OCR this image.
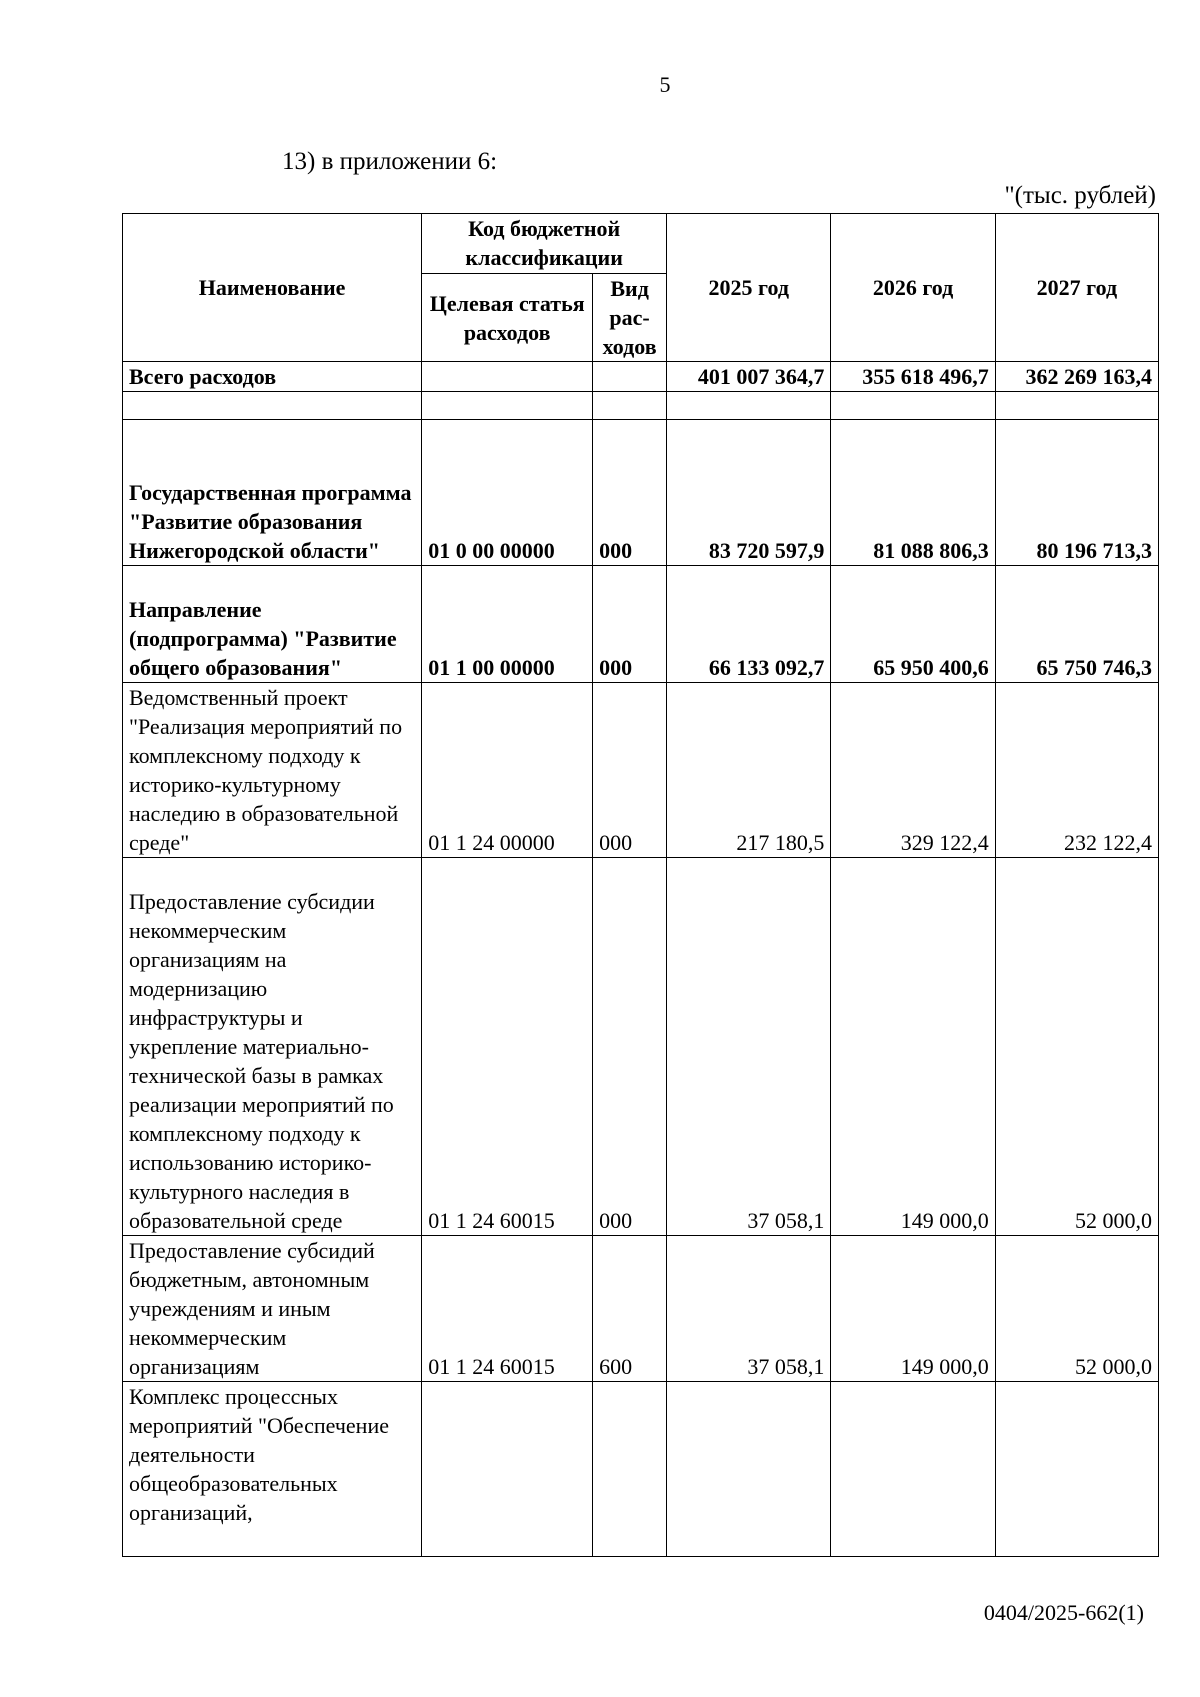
5
13) в приложении 6:
"(тыс. рублей)
Наименование	Код бюджетной классификации		2025 год	2026 год	2027 год
	Целевая статья расходов	Вид рас-ходов			
Всего расходов			401 007 364,7	355 618 496,7	362 269 163,4

Государственная программа "Развитие образования Нижегородской области"	01 0 00 00000	000	83 720 597,9	81 088 806,3	80 196 713,3
Направление (подпрограмма) "Развитие общего образования"	01 1 00 00000	000	66 133 092,7	65 950 400,6	65 750 746,3
Ведомственный проект "Реализация мероприятий по комплексному подходу к историко-культурному наследию в образовательной среде"	01 1 24 00000	000	217 180,5	329 122,4	232 122,4
Предоставление субсидии некоммерческим организациям на модернизацию инфраструктуры и укрепление материально-технической базы в рамках реализации мероприятий по комплексному подходу к использованию историко-культурного наследия в образовательной среде	01 1 24 60015	000	37 058,1	149 000,0	52 000,0
Предоставление субсидий бюджетным, автономным учреждениям и иным некоммерческим организациям	01 1 24 60015	600	37 058,1	149 000,0	52 000,0
Комплекс процессных мероприятий "Обеспечение деятельности общеобразовательных организаций,					
0404/2025-662(1)
